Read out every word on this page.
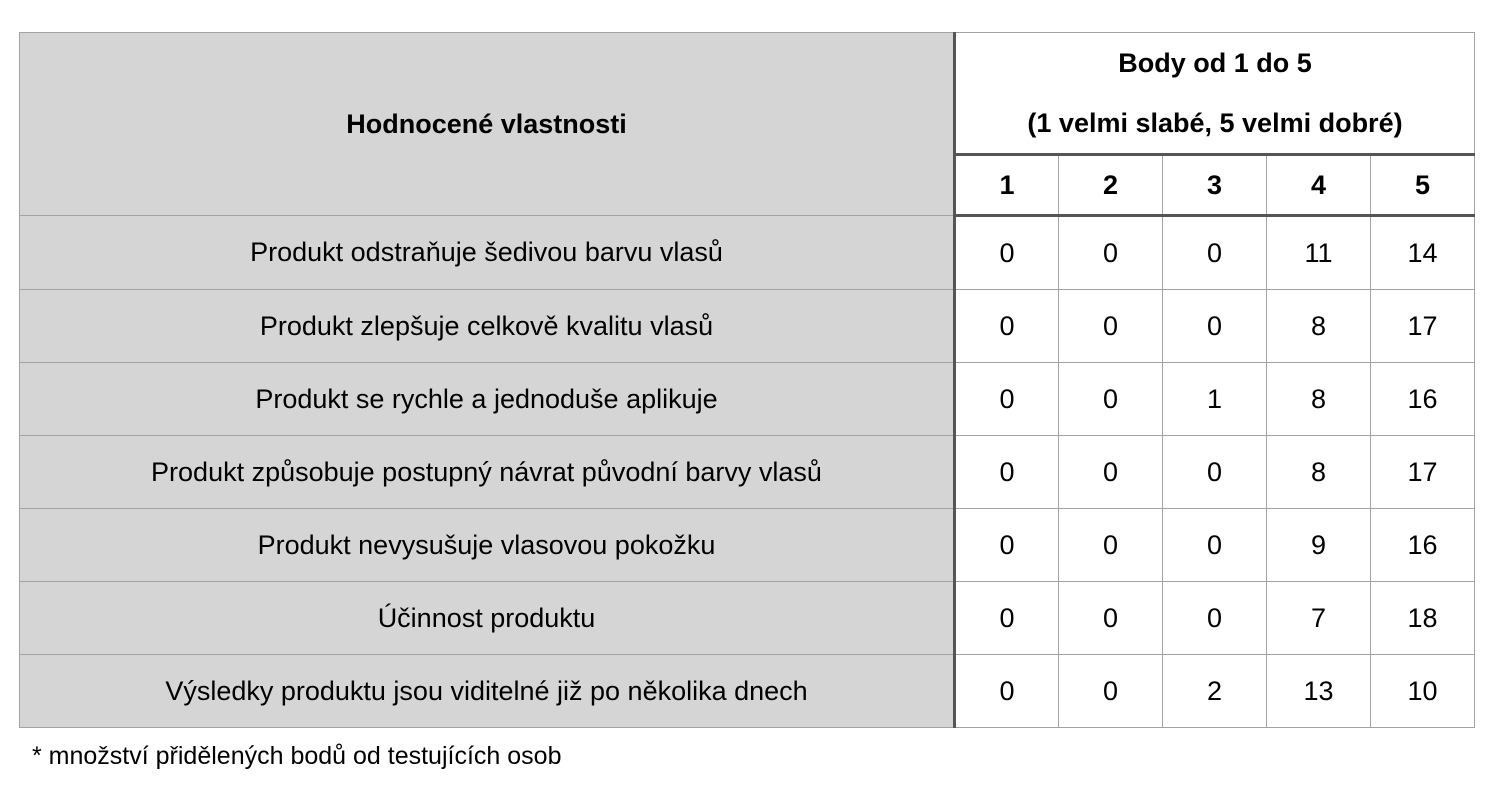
Hodnocené vlastnosti	Body od 1 do 5
(1 velmi slabé, 5 velmi dobré)				

	1	2	3	4	5
Produkt odstraňuje šedivou barvu vlasů	0	0	0	11	14
Produkt zlepšuje celkově kvalitu vlasů	0	0	0	8	17
Produkt se rychle a jednoduše aplikuje	0	0	1	8	16
Produkt způsobuje postupný návrat původní barvy vlasů	0	0	0	8	17
Produkt nevysušuje vlasovou pokožku	0	0	0	9	16
Účinnost produktu	0	0	0	7	18
Výsledky produktu jsou viditelné již po několika dnech	0	0	2	13	10
* množství přidělených bodů od testujících osob
